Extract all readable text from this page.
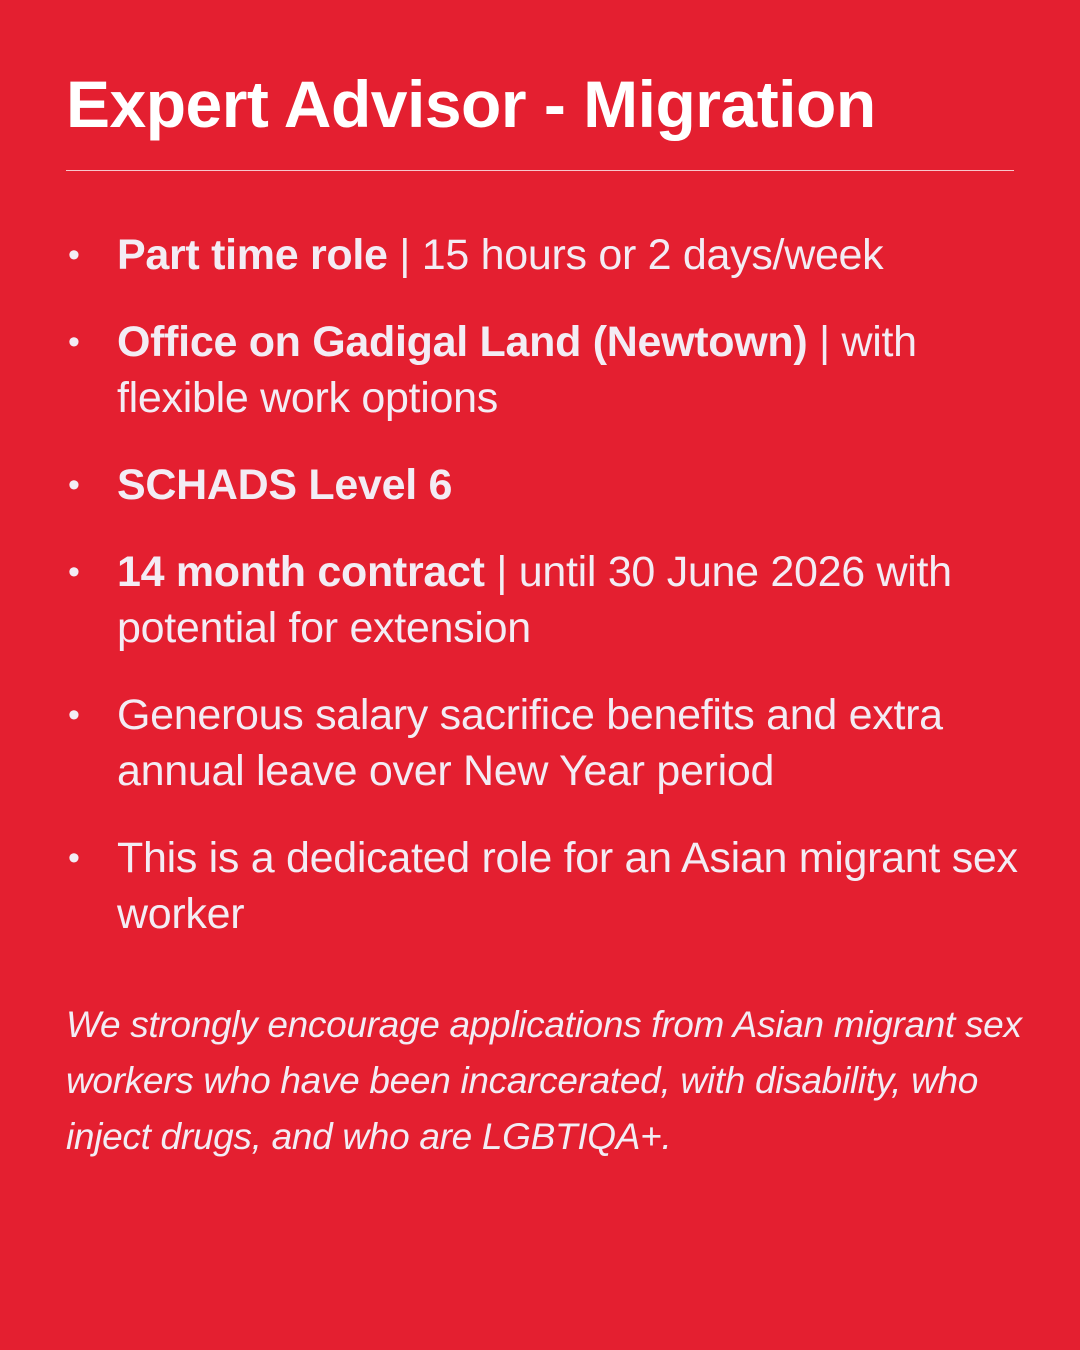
Expert Advisor - Migration
• Part time role | 15 hours or 2 days/week
• Office on Gadigal Land (Newtown) | with flexible work options
• SCHADS Level 6
• 14 month contract | until 30 June 2026 with potential for extension
• Generous salary sacrifice benefits and extra annual leave over New Year period
• This is a dedicated role for an Asian migrant sex worker

We strongly encourage applications from Asian migrant sex workers who have been incarcerated, with disability, who inject drugs, and who are LGBTIQA+.
